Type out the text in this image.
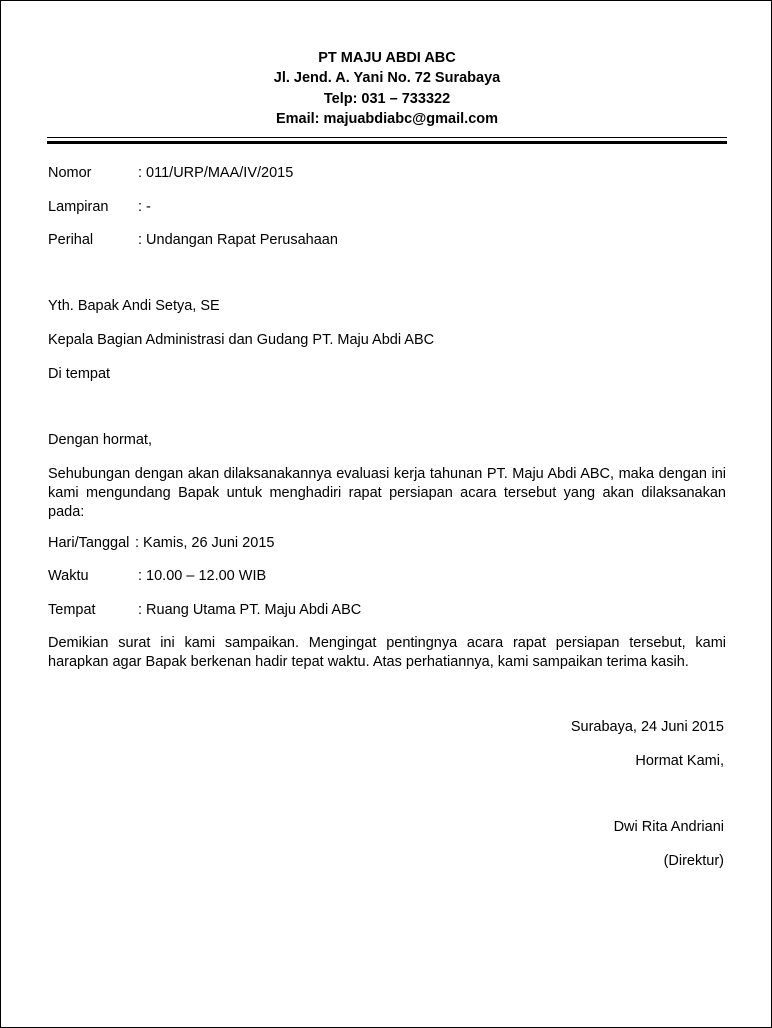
PT MAJU ABDI ABC
Jl. Jend. A. Yani No. 72 Surabaya
Telp: 031 – 733322
Email: majuabdiabc@gmail.com
Nomor	: 011/URP/MAA/IV/2015
Lampiran : -
Perihal	: Undangan Rapat Perusahaan
Yth. Bapak Andi Setya, SE
Kepala Bagian Administrasi dan Gudang PT. Maju Abdi ABC
Di tempat
Dengan hormat,
Sehubungan dengan akan dilaksanakannya evaluasi kerja tahunan PT. Maju Abdi ABC, maka dengan ini kami mengundang Bapak untuk menghadiri rapat persiapan acara tersebut yang akan dilaksanakan pada:
Hari/Tanggal : Kamis, 26 Juni 2015
Waktu	: 10.00 – 12.00 WIB
Tempat	: Ruang Utama PT. Maju Abdi ABC
Demikian surat ini kami sampaikan. Mengingat pentingnya acara rapat persiapan tersebut, kami harapkan agar Bapak berkenan hadir tepat waktu. Atas perhatiannya, kami sampaikan terima kasih.
Surabaya, 24 Juni 2015
Hormat Kami,
Dwi Rita Andriani
(Direktur)
